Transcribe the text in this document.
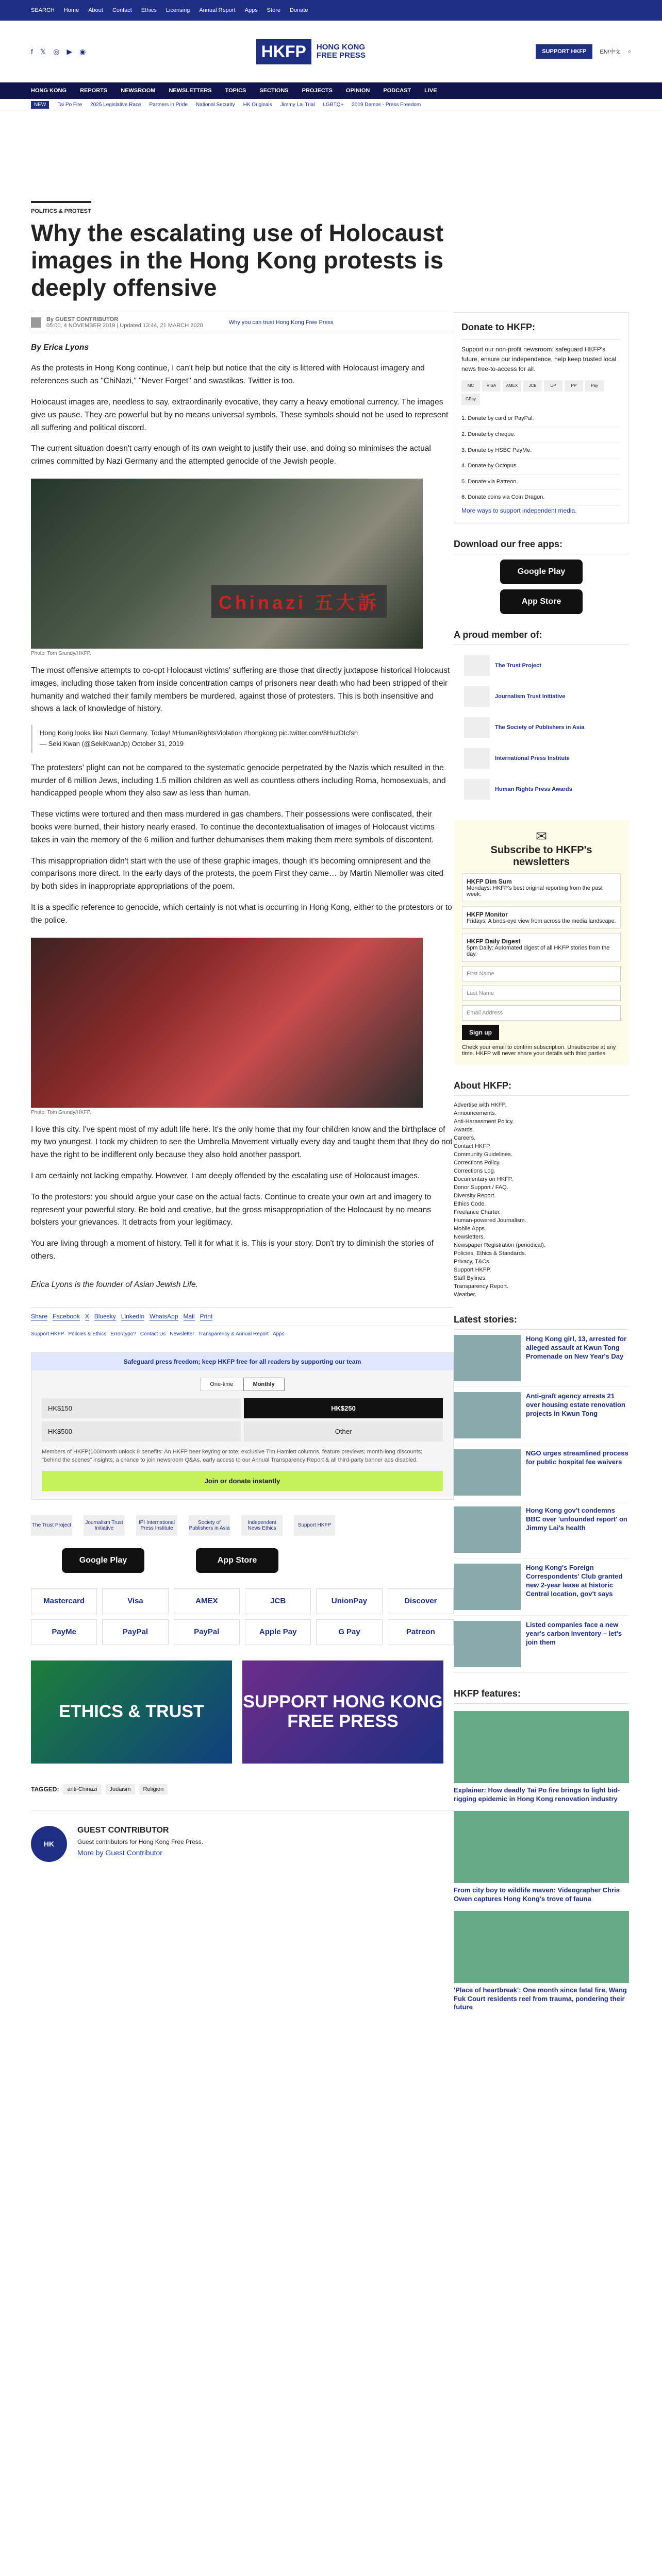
SEARCH Home About Contact Ethics Licensing Annual Report Apps Store Donate
f 𝕏 ◎ ▶ ◉	HKFP	HONG KONG
FREE PRESS	SUPPORT HKFP	EN/中文 ⌕
HONG KONG REPORTS NEWSROOM NEWSLETTERS TOPICS SECTIONS PROJECTS OPINION PODCAST LIVE
NEW	Tai Po Fire 2025 Legislative Race Partners in Pride National Security HK Originals Jimmy Lai Trial LGBTQ+ 2019 Demos - Press Freedom
POLITICS & PROTEST
Why the escalating use of Holocaust images in the Hong Kong protests is deeply offensive
By GUEST CONTRIBUTOR
05:00, 4 NOVEMBER 2019 | Updated 13:44, 21 MARCH 2020	Why you can trust Hong Kong Free Press

By Erica Lyons

As the protests in Hong Kong continue, I can't help but notice that the city is littered with Holocaust imagery and references such as "ChiNazi," "Never Forget" and swastikas. Twitter is too.

Holocaust images are, needless to say, extraordinarily evocative, they carry a heavy emotional currency. The images give us pause. They are powerful but by no means universal symbols. These symbols should not be used to represent all suffering and political discord.

The current situation doesn't carry enough of its own weight to justify their use, and doing so minimises the actual crimes committed by Nazi Germany and the attempted genocide of the Jewish people.

Chinazi 五大訴
Photo: Tom Grundy/HKFP.

The most offensive attempts to co-opt Holocaust victims' suffering are those that directly juxtapose historical Holocaust images, including those taken from inside concentration camps of prisoners near death who had been stripped of their humanity and watched their family members be murdered, against those of protesters. This is both insensitive and shows a lack of knowledge of history.

Hong Kong looks like Nazi Germany. Today! #HumanRightsViolation #hongkong pic.twitter.com/8HuzDIcfsn
— Seki Kwan (@SekiKwanJp) October 31, 2019

The protesters' plight can not be compared to the systematic genocide perpetrated by the Nazis which resulted in the murder of 6 million Jews, including 1.5 million children as well as countless others including Roma, homosexuals, and handicapped people whom they also saw as less than human.

These victims were tortured and then mass murdered in gas chambers. Their possessions were confiscated, their books were burned, their history nearly erased. To continue the decontextualisation of images of Holocaust victims takes in vain the memory of the 6 million and further dehumanises them making them mere symbols of discontent.

This misappropriation didn't start with the use of these graphic images, though it's becoming omnipresent and the comparisons more direct. In the early days of the protests, the poem First they came… by Martin Niemoller was cited by both sides in inappropriate appropriations of the poem.

It is a specific reference to genocide, which certainly is not what is occurring in Hong Kong, either to the protestors or to the police.

Photo: Tom Grundy/HKFP.

I love this city. I've spent most of my adult life here. It's the only home that my four children know and the birthplace of my two youngest. I took my children to see the Umbrella Movement virtually every day and taught them that they do not have the right to be indifferent only because they also hold another passport.

I am certainly not lacking empathy. However, I am deeply offended by the escalating use of Holocaust images.

To the protestors: you should argue your case on the actual facts. Continue to create your own art and imagery to represent your powerful story. Be bold and creative, but the gross misappropriation of the Holocaust by no means bolsters your grievances. It detracts from your legitimacy.

You are living through a moment of history. Tell it for what it is. This is your story. Don't try to diminish the stories of others.

Erica Lyons is the founder of Asian Jewish Life.

Share Facebook X Bluesky LinkedIn WhatsApp Mail Print
Support HKFP Policies & Ethics Error/typo? Contact Us Newsletter Transparency & Annual Report Apps
Safeguard press freedom; keep HKFP free for all readers by supporting our team
One-time	Monthly
HK$150	HK$250
HK$500	Other
Members of HKFP(100/month unlock 8 benefits: An HKFP beer keyring or tote; exclusive Tim Hamlett columns, feature previews; month-long discounts; "behind the scenes" insights; a chance to join newsroom Q&As, early access to our Annual Transparency Report & all third-party banner ads disabled.
Join or donate instantly
The Trust Project	Journalism Trust Initiative
IPI International Press Institute
Society of Publishers in Asia
Independent News Ethics	Support HKFP
Google Play	App Store
Mastercard	Visa	AMEX	JCB	UnionPay	Discover
PayMe	PayPal	PayPal	Apple Pay	G Pay	Patreon
ETHICS & TRUST	SUPPORT HONG KONG FREE PRESS
TAGGED:	anti-Chinazi	Judaism	Religion
HK
GUEST CONTRIBUTOR

Guest contributors for Hong Kong Free Press.

More by Guest Contributor
Donate to HKFP:
Support our non-profit newsroom: safeguard HKFP's future, ensure our independence, help keep trusted local news free-to-access for all.
MC	VISA	AMEX	JCB	UP	PP	Pay
GPay
1. Donate by card or PayPal.
2. Donate by cheque.
3. Donate by HSBC PayMe.
4. Donate by Octopus.
5. Donate via Patreon.
6. Donate coins via Coin Dragon.
More ways to support independent media.
Download our free apps:
Google Play
App Store
A proud member of:
The Trust Project
Journalism Trust Initiative
The Society of Publishers in Asia
International Press Institute
Human Rights Press Awards
✉
Subscribe to HKFP's newsletters
HKFP Dim Sum
Mondays: HKFP's best original reporting from the past week.
HKFP Monitor
Fridays: A birds-eye view from across the media landscape.
HKFP Daily Digest
5pm Daily: Automated digest of all HKFP stories from the day.
First Name
Last Name
Email Address
Sign up

Check your email to confirm subscription. Unsubscribe at any time. HKFP will never share your details with third parties.

About HKFP:
Advertise with HKFP.
Announcements.
Anti-Harassment Policy.
Awards.
Careers.
Contact HKFP.
Community Guidelines.
Corrections Policy.
Corrections Log.
Documentary on HKFP.
Donor Support / FAQ.
Diversity Report.
Ethics Code.
Freelance Charter.
Human-powered Journalism.
Mobile Apps.
Newsletters.
Newspaper Registration (periodical).
Policies, Ethics & Standards.
Privacy, T&Cs.
Support HKFP.
Staff Bylines.
Transparency Report.
Weather.
Latest stories:

Hong Kong girl, 13, arrested for alleged assault at Kwun Tong Promenade on New Year's Day

Anti-graft agency arrests 21 over housing estate renovation projects in Kwun Tong

NGO urges streamlined process for public hospital fee waivers

Hong Kong gov't condemns BBC over 'unfounded report' on Jimmy Lai's health

Hong Kong's Foreign Correspondents' Club granted new 2-year lease at historic Central location, gov't says

Listed companies face a new year's carbon inventory – let's join them

HKFP features:

Explainer: How deadly Tai Po fire brings to light bid-rigging epidemic in Hong Kong renovation industry

From city boy to wildlife maven: Videographer Chris Owen captures Hong Kong's trove of fauna

'Place of heartbreak': One month since fatal fire, Wang Fuk Court residents reel from trauma, pondering their future
